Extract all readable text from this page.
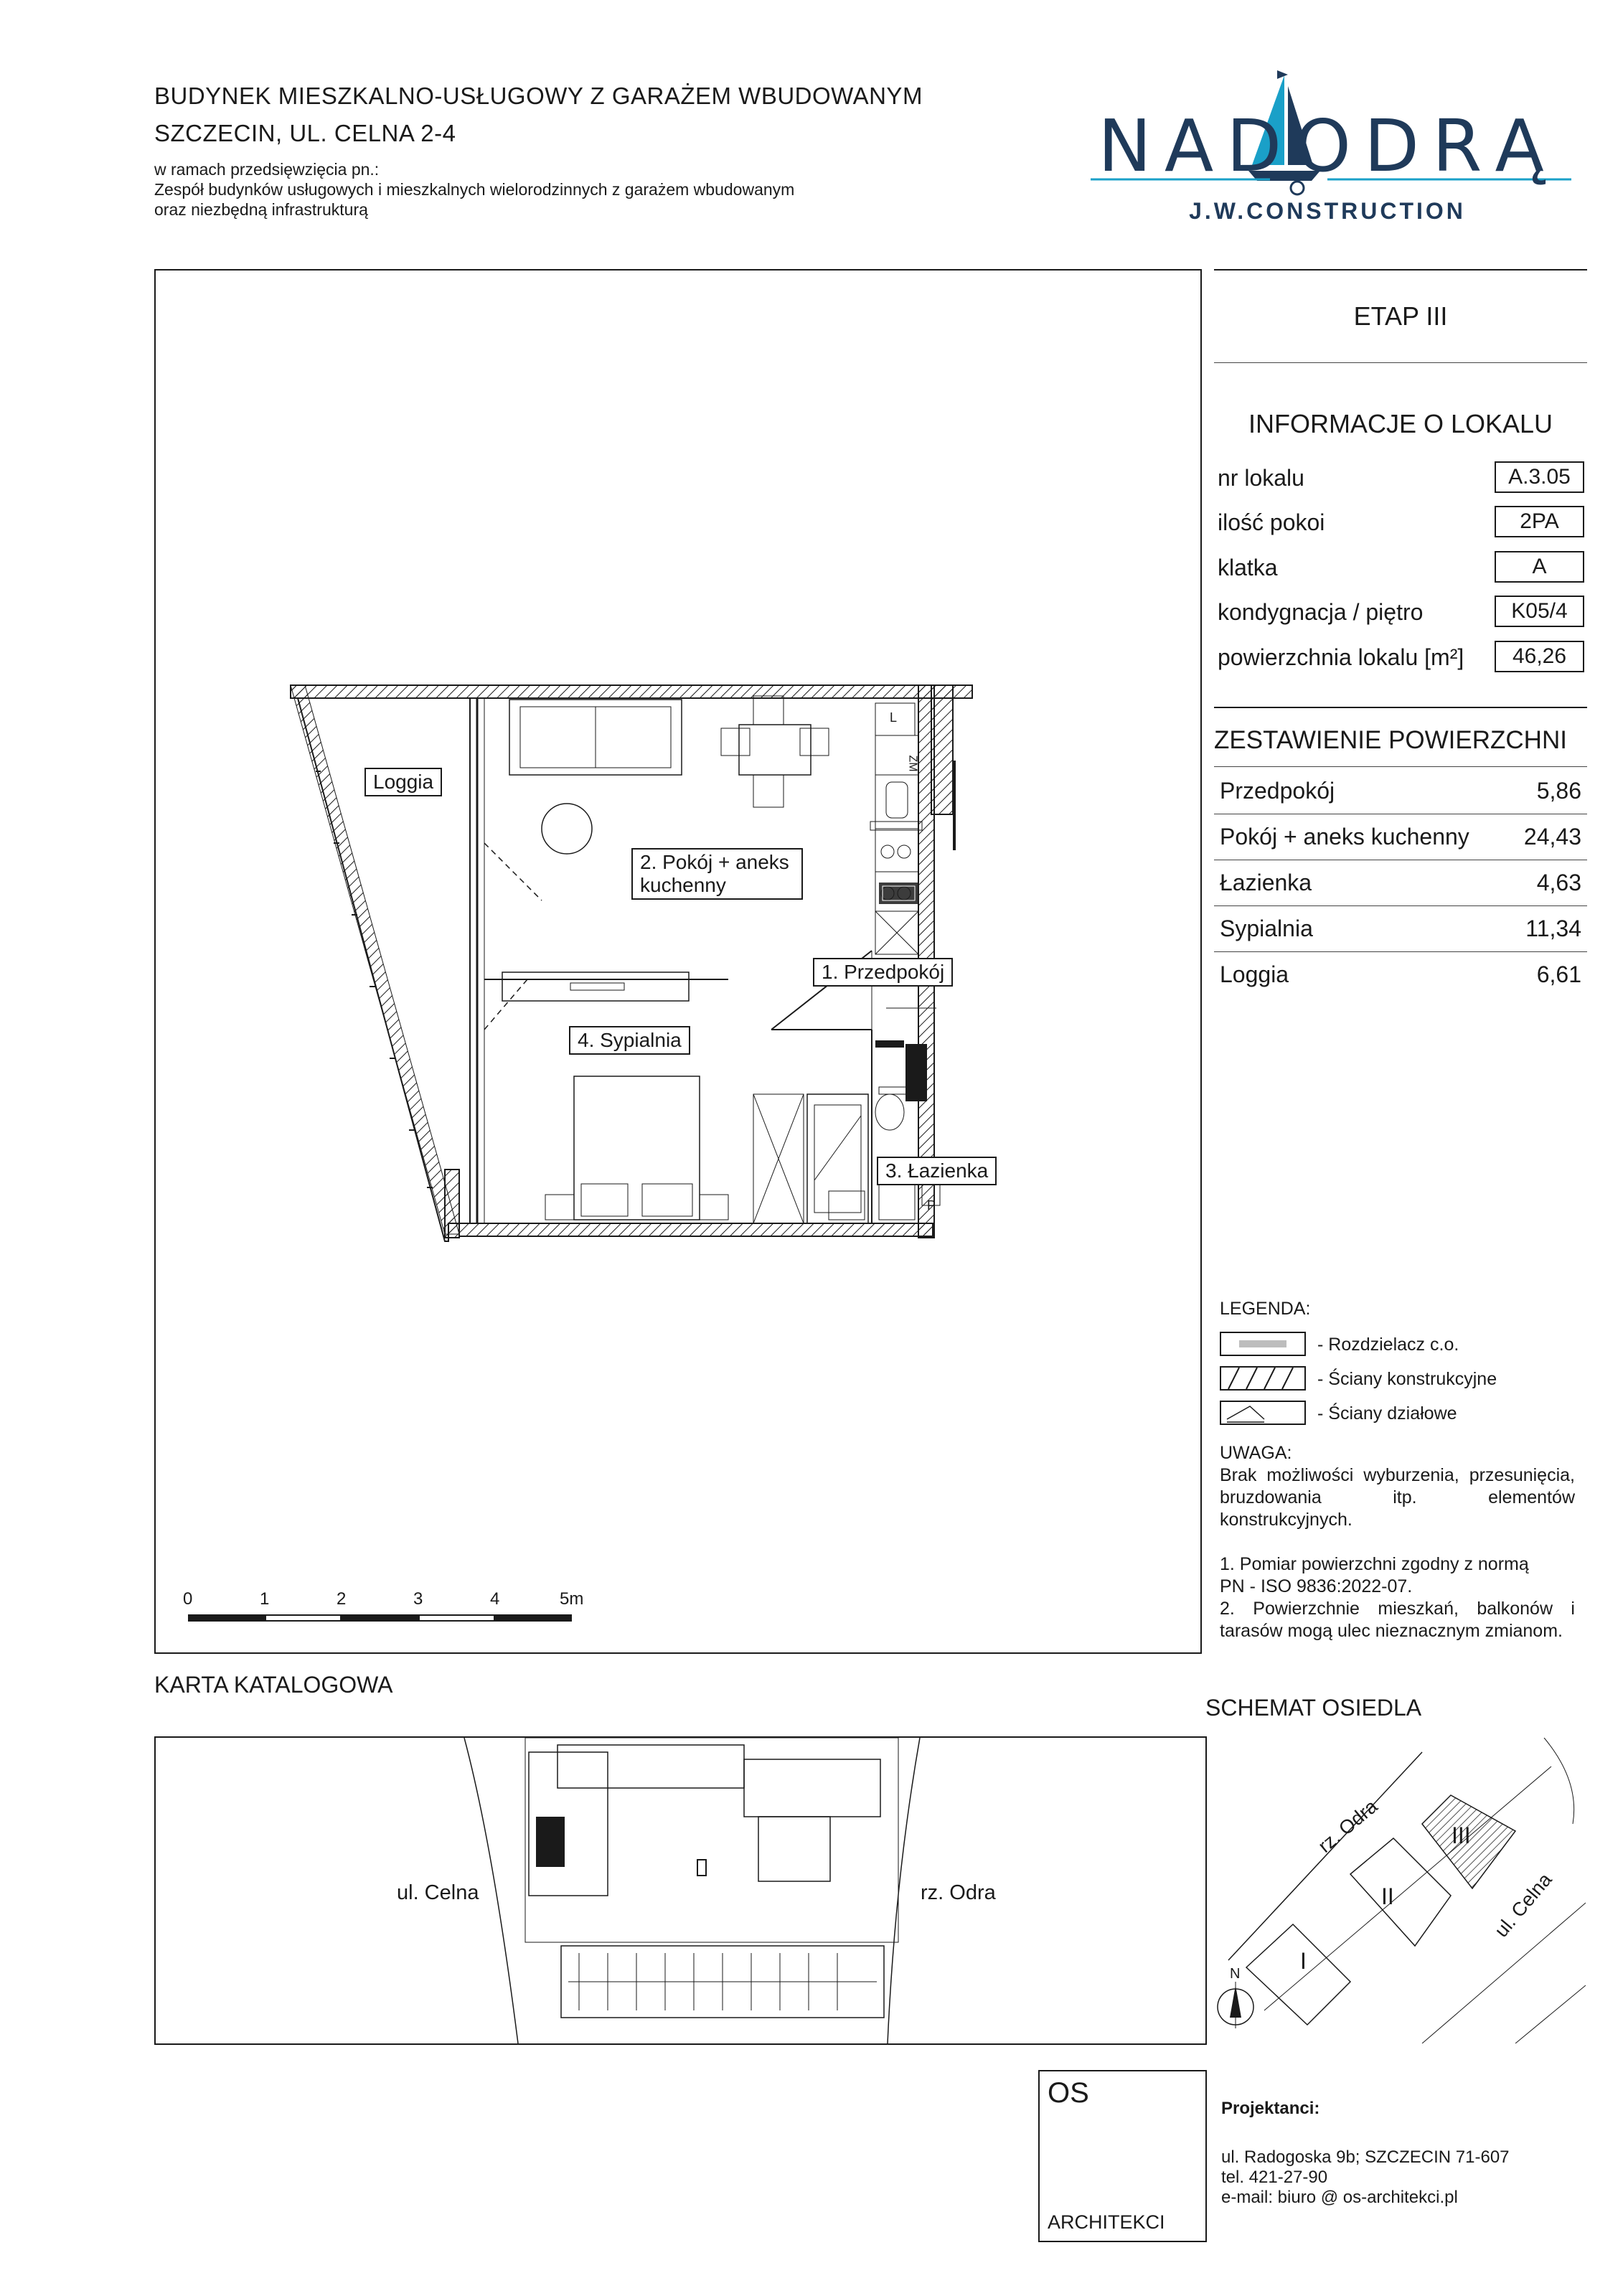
BUDYNEK MIESZKALNO-USŁUGOWY Z GARAŻEM WBUDOWANYM
SZCZECIN, UL. CELNA 2-4
w ramach przedsięwzięcia pn.:
Zespół budynków usługowych i mieszkalnych wielorodzinnych z garażem wbudowanym
oraz niezbędną infrastrukturą
NADODRĄ
J.W.CONSTRUCTION
L
ZM
P
Loggia
2. Pokój + aneks kuchenny
1. Przedpokój
4. Sypialnia
3. Łazienka
0	1	2	3	4	5m
ETAP III
INFORMACJE O LOKALU
nr lokalu	A.3.05
ilość pokoi	2PA
klatka	A
kondygnacja / piętro	K05/4
powierzchnia lokalu [m²]	46,26
ZESTAWIENIE POWIERZCHNI
Przedpokój	5,86
Pokój + aneks kuchenny 24,43
Łazienka	4,63
Sypialnia	11,34
Loggia	6,61
LEGENDA:
- Rozdzielacz c.o.
- Ściany konstrukcyjne
- Ściany działowe
UWAGA:
Brak możliwości wyburzenia, przesunięcia, bruzdowania itp. elementów konstrukcyjnych.
1. Pomiar powierzchni zgodny z normą
PN - ISO 9836:2022-07.
2. Powierzchnie mieszkań, balkonów i tarasów mogą ulec nieznacznym zmianom.
KARTA KATALOGOWA
SCHEMAT OSIEDLA
ul. Celna	rz. Odra
rz. Odra
ul. Celna
I
II
III
N
OS
ARCHITEKCI
Projektanci:
ul. Radogoska 9b; SZCZECIN 71-607
tel. 421-27-90
e-mail: biuro @ os-architekci.pl
